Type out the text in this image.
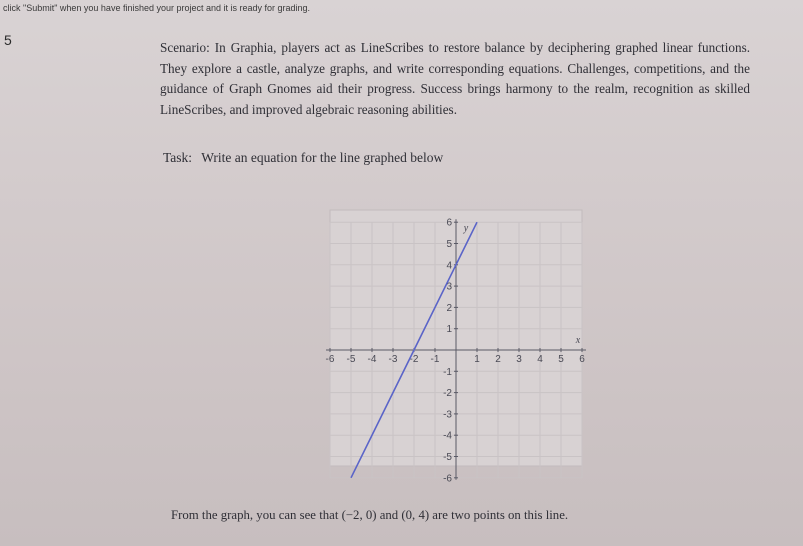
click "Submit" when you have finished your project and it is ready for grading.
5	Scenario: In Graphia, players act as LineScribes to restore balance by deciphering graphed linear functions. They explore a castle, analyze graphs, and write corresponding equations. Challenges, competitions, and the guidance of Graph Gnomes aid their progress. Success brings harmony to the realm, recognition as skilled LineScribes, and improved algebraic reasoning abilities.
Task: Write an equation for the line graphed below
-6 -5 -4 -3 -2 -1	1 2 3 4 5 6
-6
-5
-4
-3
-2
-1
1
2
3
4
5
6
x
y
From the graph, you can see that (−2, 0) and (0, 4) are two points on this line.
